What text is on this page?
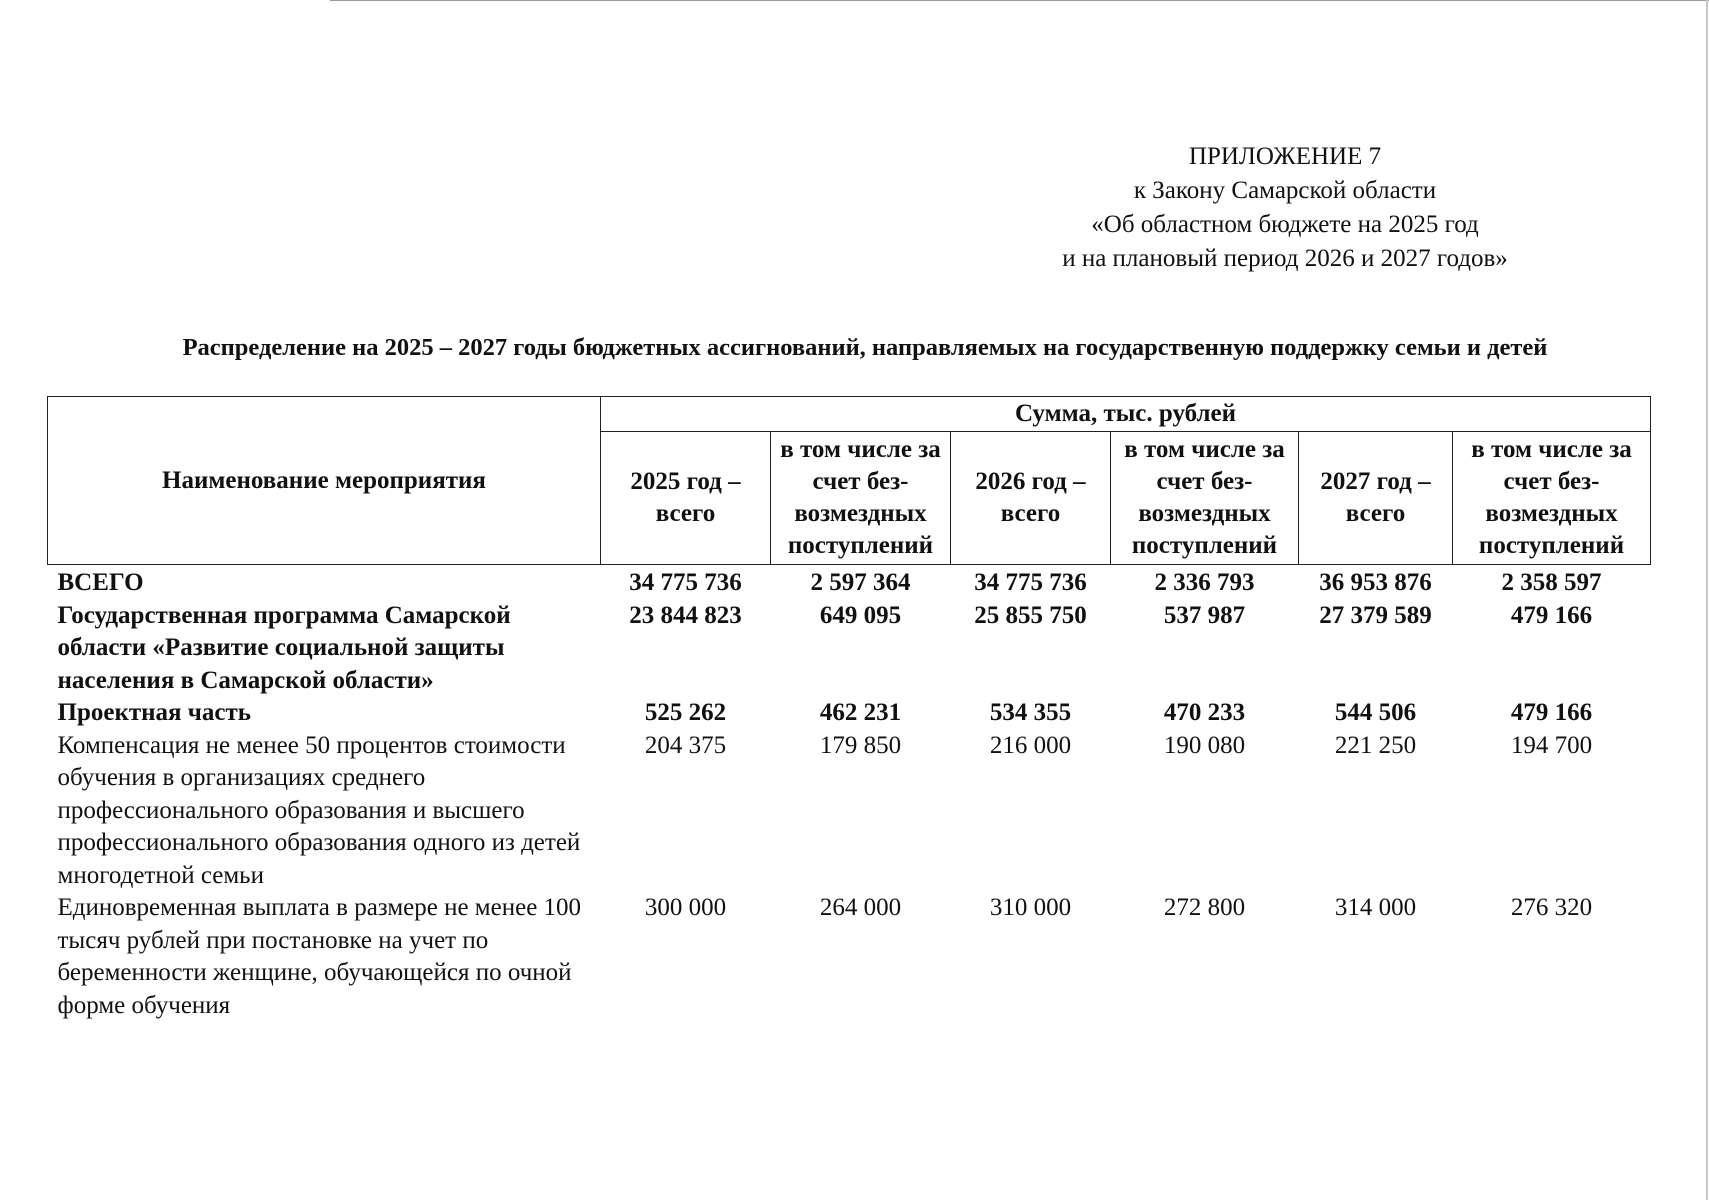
ПРИЛОЖЕНИЕ 7
к Закону Самарской области
«Об областном бюджете на 2025 год
и на плановый период 2026 и 2027 годов»
Распределение на 2025 – 2027 годы бюджетных ассигнований, направляемых на государственную поддержку семьи и детей
Наименование мероприятия	Сумма, тыс. рублей					
	2025 год – всего	в том числе за счет без-возмездных поступлений	2026 год – всего	в том числе за счет без-возмездных поступлений	2027 год – всего	в том числе за счет без-возмездных поступлений
ВСЕГО	34 775 736	2 597 364	34 775 736	2 336 793	36 953 876	2 358 597
Государственная программа Самарской области «Развитие социальной защиты населения в Самарской области»	23 844 823	649 095	25 855 750	537 987	27 379 589	479 166
Проектная часть	525 262	462 231	534 355	470 233	544 506	479 166
Компенсация не менее 50 процентов стоимости обучения в организациях среднего профессионального образования и высшего профессионального образования одного из детей многодетной семьи	204 375	179 850	216 000	190 080	221 250	194 700
Единовременная выплата в размере не менее 100 тысяч рублей при постановке на учет по беременности женщине, обучающейся по очной форме обучения	300 000	264 000	310 000	272 800	314 000	276 320
